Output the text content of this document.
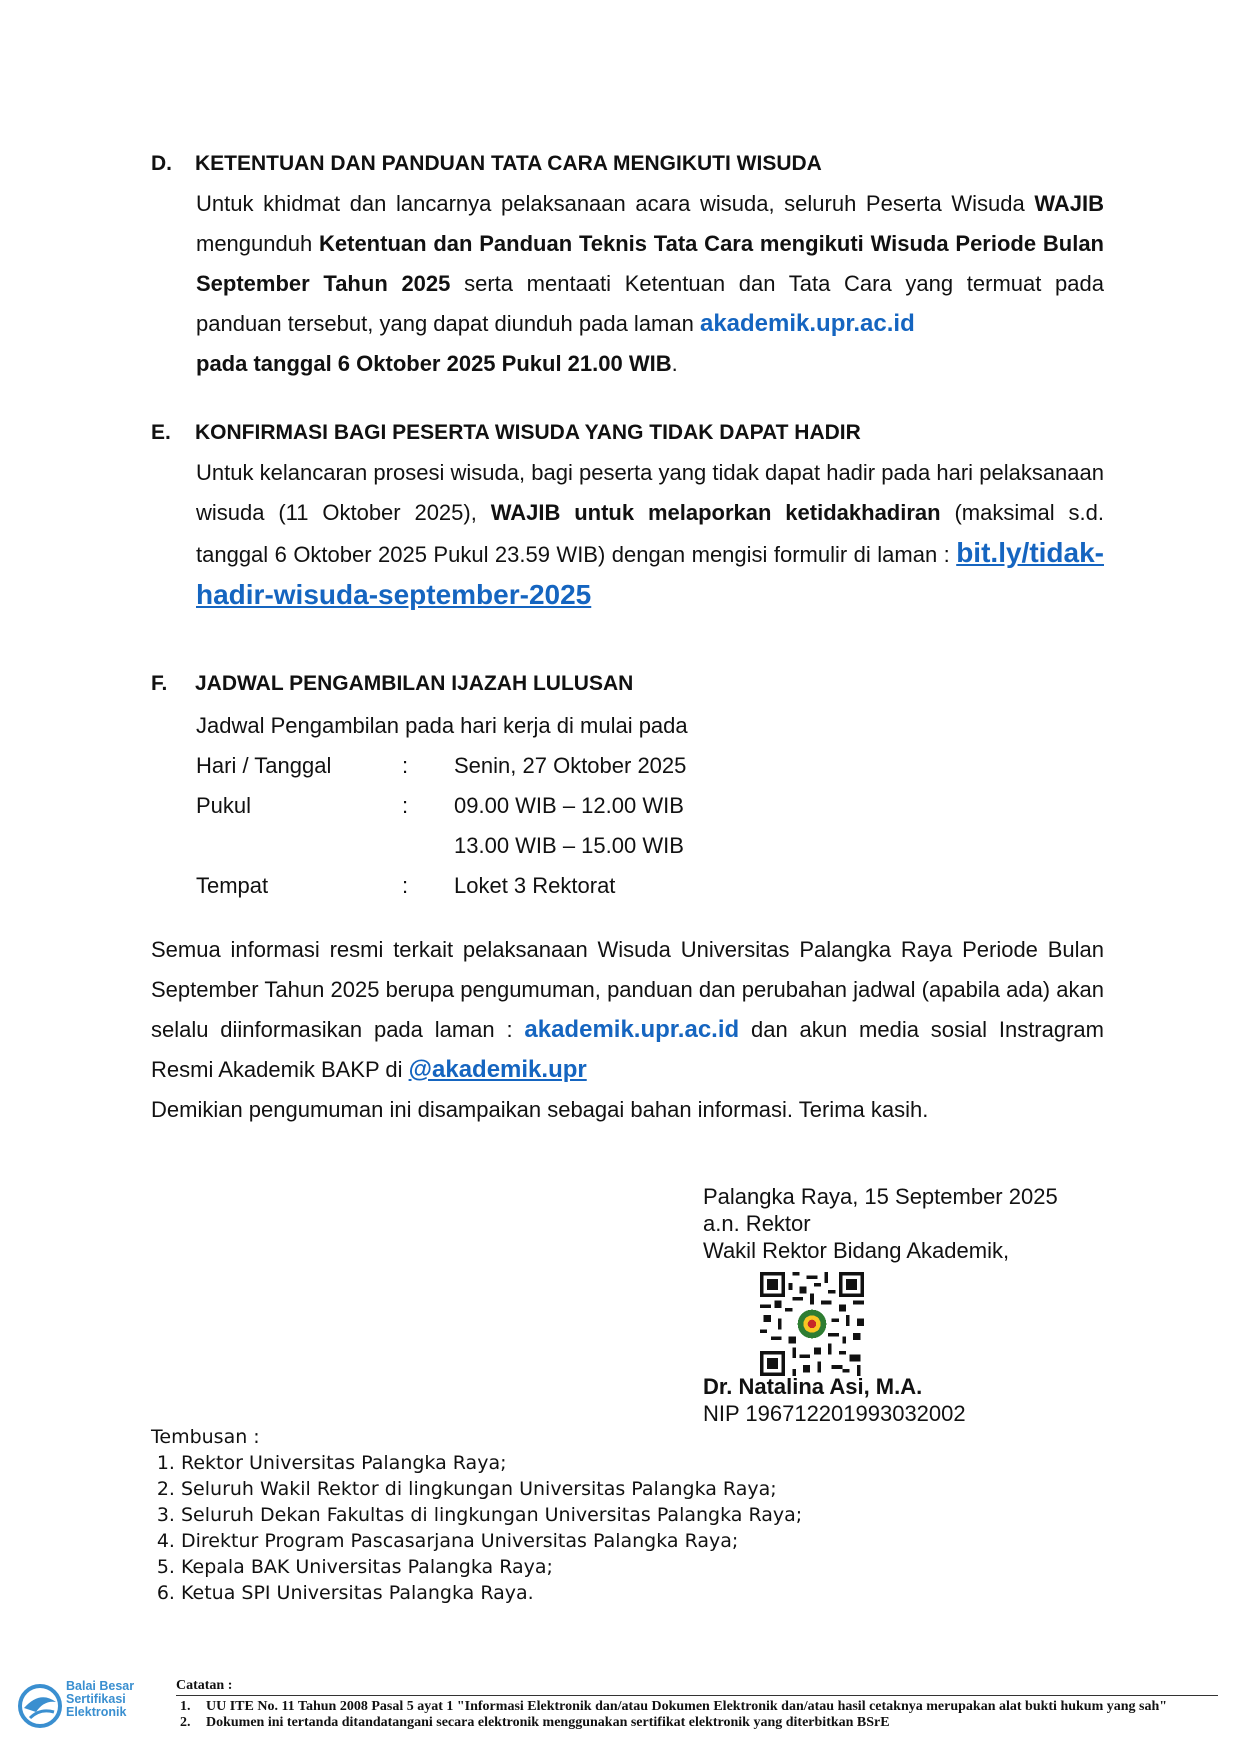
D. KETENTUAN DAN PANDUAN TATA CARA MENGIKUTI WISUDA
Untuk khidmat dan lancarnya pelaksanaan acara wisuda, seluruh Peserta Wisuda WAJIB mengunduh Ketentuan dan Panduan Teknis Tata Cara mengikuti Wisuda Periode Bulan September Tahun 2025 serta mentaati Ketentuan dan Tata Cara yang termuat pada panduan tersebut, yang dapat diunduh pada laman akademik.upr.ac.id
pada tanggal 6 Oktober 2025 Pukul 21.00 WIB.
E. KONFIRMASI BAGI PESERTA WISUDA YANG TIDAK DAPAT HADIR
Untuk kelancaran prosesi wisuda, bagi peserta yang tidak dapat hadir pada hari pelaksanaan wisuda (11 Oktober 2025), WAJIB untuk melaporkan ketidakhadiran (maksimal s.d. tanggal 6 Oktober 2025 Pukul 23.59 WIB) dengan mengisi formulir di laman : bit.ly/tidak-hadir-wisuda-september-2025
F. JADWAL PENGAMBILAN IJAZAH LULUSAN
Jadwal Pengambilan pada hari kerja di mulai pada
Hari / Tanggal	: Senin, 27 Oktober 2025
Pukul	: 09.00 WIB – 12.00 WIB
13.00 WIB – 15.00 WIB
Tempat	: Loket 3 Rektorat
Semua informasi resmi terkait pelaksanaan Wisuda Universitas Palangka Raya Periode Bulan September Tahun 2025 berupa pengumuman, panduan dan perubahan jadwal (apabila ada) akan selalu diinformasikan pada laman : akademik.upr.ac.id dan akun media sosial Instragram Resmi Akademik BAKP di @akademik.upr
Demikian pengumuman ini disampaikan sebagai bahan informasi. Terima kasih.
Palangka Raya, 15 September 2025
a.n. Rektor
Wakil Rektor Bidang Akademik,
Dr. Natalina Asi, M.A.
NIP 196712201993032002
Tembusan :
1. Rektor Universitas Palangka Raya;
2. Seluruh Wakil Rektor di lingkungan Universitas Palangka Raya;
3. Seluruh Dekan Fakultas di lingkungan Universitas Palangka Raya;
4. Direktur Program Pascasarjana Universitas Palangka Raya;
5. Kepala BAK Universitas Palangka Raya;
6. Ketua SPI Universitas Palangka Raya.
Balai Besar
Sertifikasi
Elektronik
Catatan :
1. UU ITE No. 11 Tahun 2008 Pasal 5 ayat 1 "Informasi Elektronik dan/atau Dokumen Elektronik dan/atau hasil cetaknya merupakan alat bukti hukum yang sah"
2. Dokumen ini tertanda ditandatangani secara elektronik menggunakan sertifikat elektronik yang diterbitkan BSrE
